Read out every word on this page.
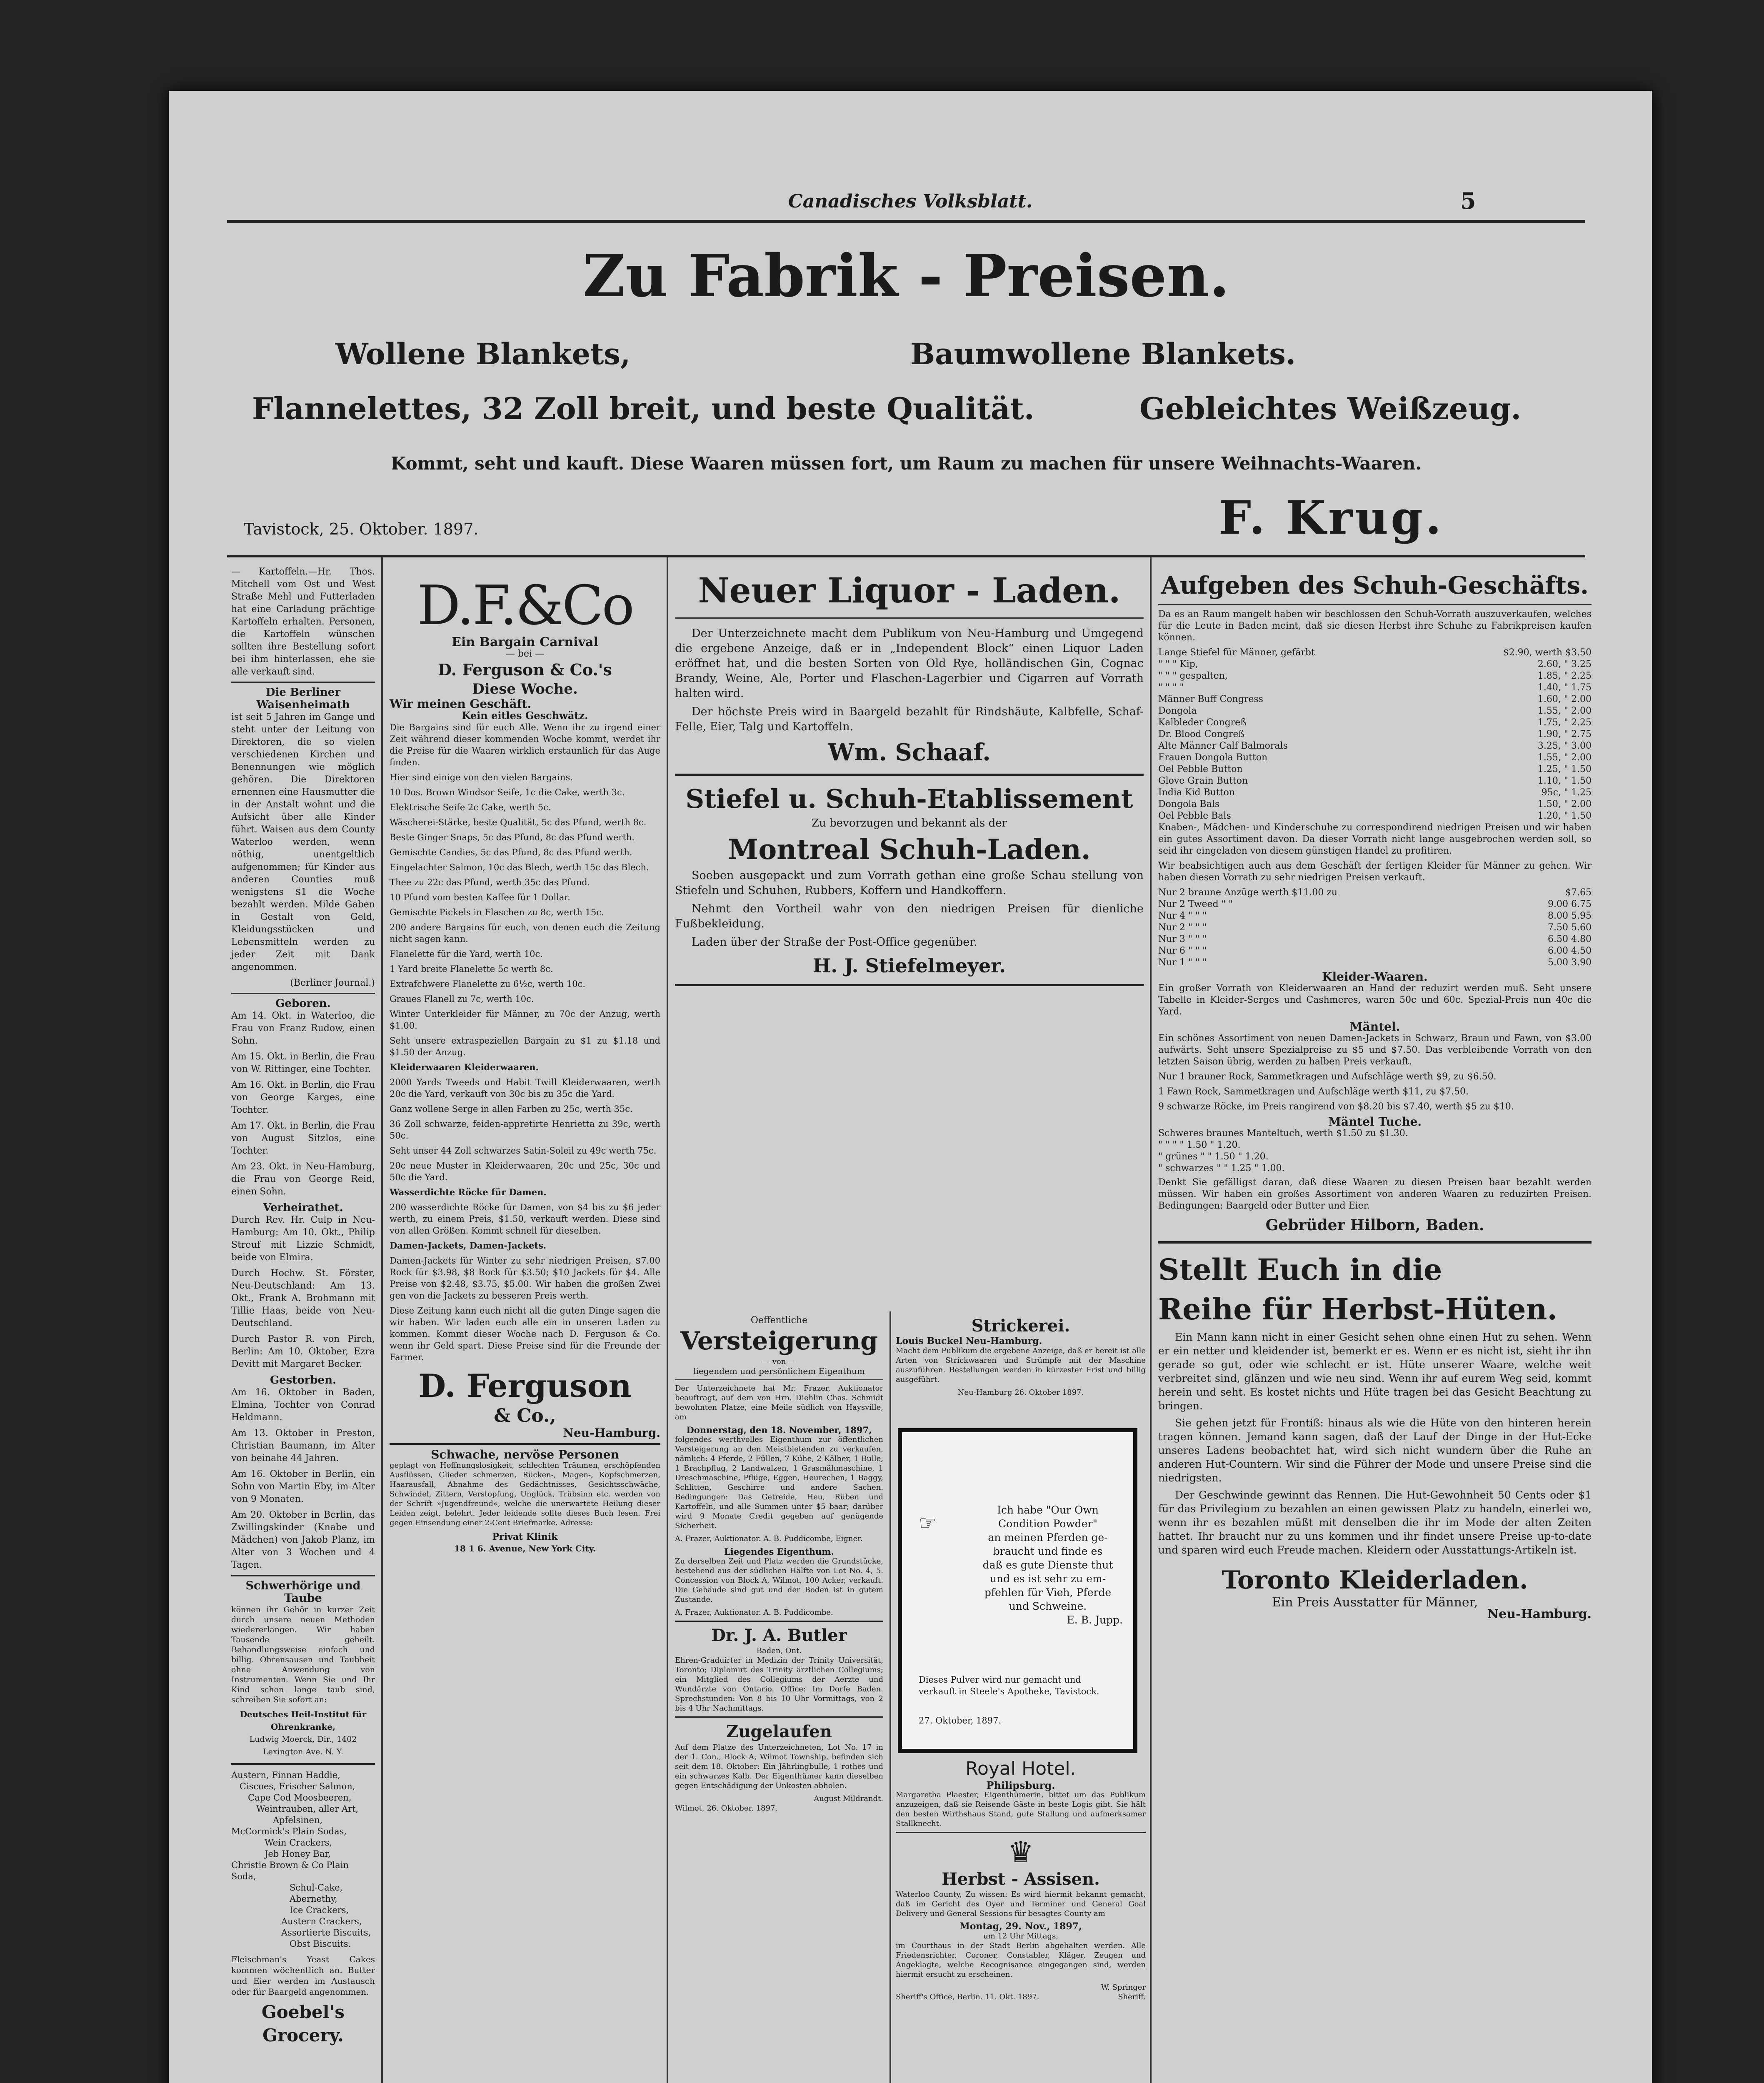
Canadisches Volksblatt.	5
Zu Fabrik - Preisen.
Wollene Blankets,	Baumwollene Blankets.
Flannelettes, 32 Zoll breit, und beste Qualität.	Gebleichtes Weißzeug.
Kommt, seht und kauft. Diese Waaren müssen fort, um Raum zu machen für unsere Weihnachts-Waaren.
Tavistock, 25. Oktober. 1897.	F. Krug.

— Kartoffeln.—Hr. Thos. Mitchell vom Ost und West Straße Mehl und Futterladen hat eine Carladung prächtige Kartoffeln erhalten. Personen, die Kartoffeln wünschen sollten ihre Bestellung sofort bei ihm hinterlassen, ehe sie alle verkauft sind.

Die Berliner Waisenheimath

ist seit 5 Jahren im Gange und steht unter der Leitung von Direktoren, die so vielen verschiedenen Kirchen und Benennungen wie möglich gehören. Die Direktoren ernennen eine Hausmutter die in der Anstalt wohnt und die Aufsicht über alle Kinder führt. Waisen aus dem County Waterloo werden, wenn nöthig, unentgeltlich aufgenommen; für Kinder aus anderen Counties muß wenigstens $1 die Woche bezahlt werden. Milde Gaben in Gestalt von Geld, Kleidungsstücken und Lebensmitteln werden zu jeder Zeit mit Dank angenommen.

(Berliner Journal.)
Geboren.

Am 14. Okt. in Waterloo, die Frau von Franz Rudow, einen Sohn.

Am 15. Okt. in Berlin, die Frau von W. Rittinger, eine Tochter.

Am 16. Okt. in Berlin, die Frau von George Karges, eine Tochter.

Am 17. Okt. in Berlin, die Frau von August Sitzlos, eine Tochter.

Am 23. Okt. in Neu-Hamburg, die Frau von George Reid, einen Sohn.

Verheirathet.

Durch Rev. Hr. Culp in Neu-Hamburg: Am 10. Okt., Philip Streuf mit Lizzie Schmidt, beide von Elmira.

Durch Hochw. St. Förster, Neu-Deutschland: Am 13. Okt., Frank A. Brohmann mit Tillie Haas, beide von Neu-Deutschland.

Durch Pastor R. von Pirch, Berlin: Am 10. Oktober, Ezra Devitt mit Margaret Becker.

Gestorben.

Am 16. Oktober in Baden, Elmina, Tochter von Conrad Heldmann.

Am 13. Oktober in Preston, Christian Baumann, im Alter von beinahe 44 Jahren.

Am 16. Oktober in Berlin, ein Sohn von Martin Eby, im Alter von 9 Monaten.

Am 20. Oktober in Berlin, das Zwillingskinder (Knabe und Mädchen) von Jakob Planz, im Alter von 3 Wochen und 4 Tagen.

Schwerhörige und Taube

können ihr Gehör in kurzer Zeit durch unsere neuen Methoden wiedererlangen. Wir haben Tausende geheilt. Behandlungsweise einfach und billig. Ohrensausen und Taubheit ohne Anwendung von Instrumenten. Wenn Sie und Ihr Kind schon lange taub sind, schreiben Sie sofort an:

Deutsches Heil-Institut für Ohrenkranke,
Ludwig Moerck, Dir., 1402 Lexington Ave. N. Y.
Austern, Finnan Haddie,
Ciscoes, Frischer Salmon,
Cape Cod Moosbeeren,
Weintrauben, aller Art,
Apfelsinen,
McCormick's Plain Sodas,
Wein Crackers,
Jeb Honey Bar,
Christie Brown & Co Plain Soda,
Schul-Cake,
Abernethy,
Ice Crackers,
Austern Crackers,
Assortierte Biscuits,
Obst Biscuits.

Fleischman's Yeast Cakes kommen wöchentlich an. Butter und Eier werden im Austausch oder für Baargeld angenommen.

Goebel's Grocery.
D.F.&Co
Ein Bargain Carnival
— bei —
D. Ferguson & Co.'s
Diese Woche.
Wir meinen Geschäft.
Kein eitles Geschwätz.

Die Bargains sind für euch Alle. Wenn ihr zu irgend einer Zeit während dieser kommenden Woche kommt, werdet ihr die Preise für die Waaren wirklich erstaunlich für das Auge finden.

Hier sind einige von den vielen Bargains.

10 Dos. Brown Windsor Seife, 1c die Cake, werth 3c.

Elektrische Seife 2c Cake, werth 5c.

Wäscherei-Stärke, beste Qualität, 5c das Pfund, werth 8c.

Beste Ginger Snaps, 5c das Pfund, 8c das Pfund werth.

Gemischte Candies, 5c das Pfund, 8c das Pfund werth.

Eingelachter Salmon, 10c das Blech, werth 15c das Blech.

Thee zu 22c das Pfund, werth 35c das Pfund.

10 Pfund vom besten Kaffee für 1 Dollar.

Gemischte Pickels in Flaschen zu 8c, werth 15c.

200 andere Bargains für euch, von denen euch die Zeitung nicht sagen kann.

Flanelette für die Yard, werth 10c.

1 Yard breite Flanelette 5c werth 8c.

Extrafchwere Flanelette zu 6½c, werth 10c.

Graues Flanell zu 7c, werth 10c.

Winter Unterkleider für Männer, zu 70c der Anzug, werth $1.00.

Seht unsere extraspeziellen Bargain zu $1 zu $1.18 und $1.50 der Anzug.

Kleiderwaaren Kleiderwaaren.

2000 Yards Tweeds und Habit Twill Kleiderwaaren, werth 20c die Yard, verkauft von 30c bis zu 35c die Yard.

Ganz wollene Serge in allen Farben zu 25c, werth 35c.

36 Zoll schwarze, feiden-appretirte Henrietta zu 39c, werth 50c.

Seht unser 44 Zoll schwarzes Satin-Soleil zu 49c werth 75c.

20c neue Muster in Kleiderwaaren, 20c und 25c, 30c und 50c die Yard.

Wasserdichte Röcke für Damen.

200 wasserdichte Röcke für Damen, von $4 bis zu $6 jeder werth, zu einem Preis, $1.50, verkauft werden. Diese sind von allen Größen. Kommt schnell für dieselben.

Damen-Jackets, Damen-Jackets.

Damen-Jackets für Winter zu sehr niedrigen Preisen, $7.00 Rock für $3.98, $8 Rock für $3.50; $10 Jackets für $4. Alle Preise von $2.48, $3.75, $5.00. Wir haben die großen Zwei gen von die Jackets zu besseren Preis werth.

Diese Zeitung kann euch nicht all die guten Dinge sagen die wir haben. Wir laden euch alle ein in unseren Laden zu kommen. Kommt dieser Woche nach D. Ferguson & Co. wenn ihr Geld spart. Diese Preise sind für die Freunde der Farmer.

D. Ferguson
& Co.,
Neu-Hamburg.
Schwache, nervöse Personen

geplagt von Hoffnungslosigkeit, schlechten Träumen, erschöpfenden Ausflüssen, Glieder schmerzen, Rücken-, Magen-, Kopfschmerzen, Haarausfall, Abnahme des Gedächtnisses, Gesichtsschwäche, Schwindel, Zittern, Verstopfung, Unglück, Trübsinn etc. werden von der Schrift »Jugendfreund«, welche die unerwartete Heilung dieser Leiden zeigt, belehrt. Jeder leidende sollte dieses Buch lesen. Frei gegen Einsendung einer 2-Cent Briefmarke. Adresse:

Privat Klinik
18 1 6. Avenue, New York City.
Neuer Liquor - Laden.

Der Unterzeichnete macht dem Publikum von Neu-Hamburg und Umgegend die ergebene Anzeige, daß er in „Independent Block“ einen Liquor Laden eröffnet hat, und die besten Sorten von Old Rye, holländischen Gin, Cognac Brandy, Weine, Ale, Porter und Flaschen-Lagerbier und Cigarren auf Vorrath halten wird.

Der höchste Preis wird in Baargeld bezahlt für Rindshäute, Kalbfelle, Schaf-Felle, Eier, Talg und Kartoffeln.

Wm. Schaaf.
Stiefel u. Schuh-Etablissement
Zu bevorzugen und bekannt als der
Montreal Schuh-Laden.

Soeben ausgepackt und zum Vorrath gethan eine große Schau stellung von Stiefeln und Schuhen, Rubbers, Koffern und Handkoffern.

Nehmt den Vortheil wahr von den niedrigen Preisen für dienliche Fußbekleidung.

Laden über der Straße der Post-Office gegenüber.

H. J. Stiefelmeyer.
Oeffentliche
Versteigerung
— von —
liegendem und persönlichem Eigenthum

Der Unterzeichnete hat Mr. Frazer, Auktionator beauftragt, auf dem von Hrn. Diehlin Chas. Schmidt bewohnten Platze, eine Meile südlich von Haysville, am

Donnerstag, den 18. November, 1897,

folgendes werthvolles Eigenthum zur öffentlichen Versteigerung an den Meistbietenden zu verkaufen, nämlich: 4 Pferde, 2 Füllen, 7 Kühe, 2 Kälber, 1 Bulle, 1 Brachpflug, 2 Landwalzen, 1 Grasmähmaschine, 1 Dreschmaschine, Pflüge, Eggen, Heurechen, 1 Baggy, Schlitten, Geschirre und andere Sachen. Bedingungen: Das Getreide, Heu, Rüben und Kartoffeln, und alle Summen unter $5 baar; darüber wird 9 Monate Credit gegeben auf genügende Sicherheit.

A. Frazer, Auktionator. A. B. Puddicombe, Eigner.

Liegendes Eigenthum.

Zu derselben Zeit und Platz werden die Grundstücke, bestehend aus der südlichen Hälfte von Lot No. 4, 5. Concession von Block A, Wilmot, 100 Acker, verkauft. Die Gebäude sind gut und der Boden ist in gutem Zustande.

A. Frazer, Auktionator. A. B. Puddicombe.

Dr. J. A. Butler
Baden, Ont.

Ehren-Graduirter in Medizin der Trinity Universität, Toronto; Diplomirt des Trinity ärztlichen Collegiums; ein Mitglied des Collegiums der Aerzte und Wundärzte von Ontario. Office: Im Dorfe Baden. Sprechstunden: Von 8 bis 10 Uhr Vormittags, von 2 bis 4 Uhr Nachmittags.

Zugelaufen

Auf dem Platze des Unterzeichneten, Lot No. 17 in der 1. Con., Block A, Wilmot Township, befinden sich seit dem 18. Oktober: Ein Jährlingbulle, 1 rothes und ein schwarzes Kalb. Der Eigenthümer kann dieselben gegen Entschädigung der Unkosten abholen.

August Mildrandt.
Wilmot, 26. Oktober, 1897.
Strickerei.
Louis Buckel Neu-Hamburg.

Macht dem Publikum die ergebene Anzeige, daß er bereit ist alle Arten von Strickwaaren und Strümpfe mit der Maschine auszuführen. Bestellungen werden in kürzester Frist und billig ausgeführt.

Neu-Hamburg 26. Oktober 1897.
☞
Ich habe "Our Own
Condition Powder"
an meinen Pferden ge-
braucht und finde es
daß es gute Dienste thut
und es ist sehr zu em-
pfehlen für Vieh, Pferde
und Schweine.
E. B. Jupp.
Dieses Pulver wird nur gemacht und verkauft in Steele's Apotheke, Tavistock.
27. Oktober, 1897.
Royal Hotel.
Philipsburg.

Margaretha Plaester, Eigenthümerin, bittet um das Publikum anzuzeigen, daß sie Reisende Gäste in beste Logis gibt. Sie hält den besten Wirthshaus Stand, gute Stallung und aufmerksamer Stallknecht.

♛
Herbst - Assisen.

Waterloo County, Zu wissen: Es wird hiermit bekannt gemacht, daß im Gericht des Oyer und Terminer und General Goal Delivery und General Sessions für besagtes County am

Montag, 29. Nov., 1897,
um 12 Uhr Mittags,

im Courthaus in der Stadt Berlin abgehalten werden. Alle Friedensrichter, Coroner, Constabler, Kläger, Zeugen und Angeklagte, welche Recognisance eingegangen sind, werden hiermit ersucht zu erscheinen.

W. Springer
Sheriff's Office, Berlin. 11. Okt. 1897.	Sheriff.
Aufgeben des Schuh-Geschäfts.

Da es an Raum mangelt haben wir beschlossen den Schuh-Vorrath auszuverkaufen, welches für die Leute in Baden meint, daß sie diesen Herbst ihre Schuhe zu Fabrikpreisen kaufen können.

Lange Stiefel für Männer, gefärbt	$2.90, werth $3.50
" " " Kip,	2.60, " 3.25
" " " gespalten,	1.85, " 2.25
" " " "	1.40, " 1.75
Männer Buff Congress	1.60, " 2.00
Dongola	1.55, " 2.00
Kalbleder Congreß	1.75, " 2.25
Dr. Blood Congreß	1.90, " 2.75
Alte Männer Calf Balmorals	3.25, " 3.00
Frauen Dongola Button	1.55, " 2.00
Oel Pebble Button	1.25, " 1.50
Glove Grain Button	1.10, " 1.50
India Kid Button	95c, " 1.25
Dongola Bals	1.50, " 2.00
Oel Pebble Bals	1.20, " 1.50

Knaben-, Mädchen- und Kinderschuhe zu correspondirend niedrigen Preisen und wir haben ein gutes Assortiment davon. Da dieser Vorrath nicht lange ausgebrochen werden soll, so seid ihr eingeladen von diesem günstigen Handel zu profitiren.

Wir beabsichtigen auch aus dem Geschäft der fertigen Kleider für Männer zu gehen. Wir haben diesen Vorrath zu sehr niedrigen Preisen verkauft.

Nur 2 braune Anzüge werth $11.00 zu	$7.65
Nur 2 Tweed " "	9.00 6.75
Nur 4 " " "	8.00 5.95
Nur 2 " " "	7.50 5.60
Nur 3 " " "	6.50 4.80
Nur 6 " " "	6.00 4.50
Nur 1 " " "	5.00 3.90
Kleider-Waaren.

Ein großer Vorrath von Kleiderwaaren an Hand der reduzirt werden muß. Seht unsere Tabelle in Kleider-Serges und Cashmeres, waren 50c und 60c. Spezial-Preis nun 40c die Yard.

Mäntel.

Ein schönes Assortiment von neuen Damen-Jackets in Schwarz, Braun und Fawn, von $3.00 aufwärts. Seht unsere Spezialpreise zu $5 und $7.50. Das verbleibende Vorrath von den letzten Saison übrig, werden zu halben Preis verkauft.

Nur 1 brauner Rock, Sammetkragen und Aufschläge werth $9, zu $6.50.

1 Fawn Rock, Sammetkragen und Aufschläge werth $11, zu $7.50.

9 schwarze Röcke, im Preis rangirend von $8.20 bis $7.40, werth $5 zu $10.

Mäntel Tuche.
Schweres braunes Manteltuch, werth $1.50 zu $1.30.
" " " " 1.50 " 1.20.
" grünes " " 1.50 " 1.20.
" schwarzes " " 1.25 " 1.00.

Denkt Sie gefälligst daran, daß diese Waaren zu diesen Preisen baar bezahlt werden müssen. Wir haben ein großes Assortiment von anderen Waaren zu reduzirten Preisen. Bedingungen: Baargeld oder Butter und Eier.

Gebrüder Hilborn, Baden.
Stellt Euch in die
Reihe für Herbst-Hüten.

Ein Mann kann nicht in einer Gesicht sehen ohne einen Hut zu sehen. Wenn er ein netter und kleidender ist, bemerkt er es. Wenn er es nicht ist, sieht ihr ihn gerade so gut, oder wie schlecht er ist. Hüte unserer Waare, welche weit verbreitet sind, glänzen und wie neu sind. Wenn ihr auf eurem Weg seid, kommt herein und seht. Es kostet nichts und Hüte tragen bei das Gesicht Beachtung zu bringen.

Sie gehen jetzt für Frontiß: hinaus als wie die Hüte von den hinteren herein tragen können. Jemand kann sagen, daß der Lauf der Dinge in der Hut-Ecke unseres Ladens beobachtet hat, wird sich nicht wundern über die Ruhe an anderen Hut-Countern. Wir sind die Führer der Mode und unsere Preise sind die niedrigsten.

Der Geschwinde gewinnt das Rennen. Die Hut-Gewohnheit 50 Cents oder $1 für das Privilegium zu bezahlen an einen gewissen Platz zu handeln, einerlei wo, wenn ihr es bezahlen müßt mit denselben die ihr im Mode der alten Zeiten hattet. Ihr braucht nur zu uns kommen und ihr findet unsere Preise up-to-date und sparen wird euch Freude machen. Kleidern oder Ausstattungs-Artikeln ist.

Toronto Kleiderladen.
Ein Preis Ausstatter für Männer,
Neu-Hamburg.
